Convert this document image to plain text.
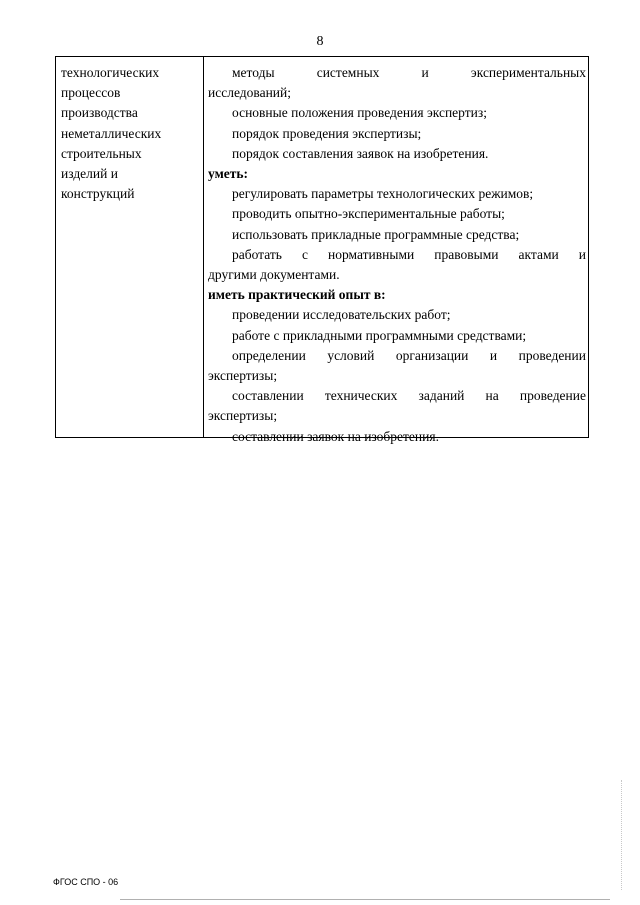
8
технологических
процессов
производства
неметаллических
строительных
изделий и
конструкций
методы системных и экспериментальных
исследований;
основные положения проведения экспертиз;
порядок проведения экспертизы;
порядок составления заявок на изобретения.
уметь:
регулировать параметры технологических режимов;
проводить опытно-экспериментальные работы;
использовать прикладные программные средства;
работать с нормативными правовыми актами и
другими документами.
иметь практический опыт в:
проведении исследовательских работ;
работе с прикладными программными средствами;
определении условий организации и проведении
экспертизы;
составлении технических заданий на проведение
экспертизы;
составлении заявок на изобретения.
ФГОС СПО - 06
